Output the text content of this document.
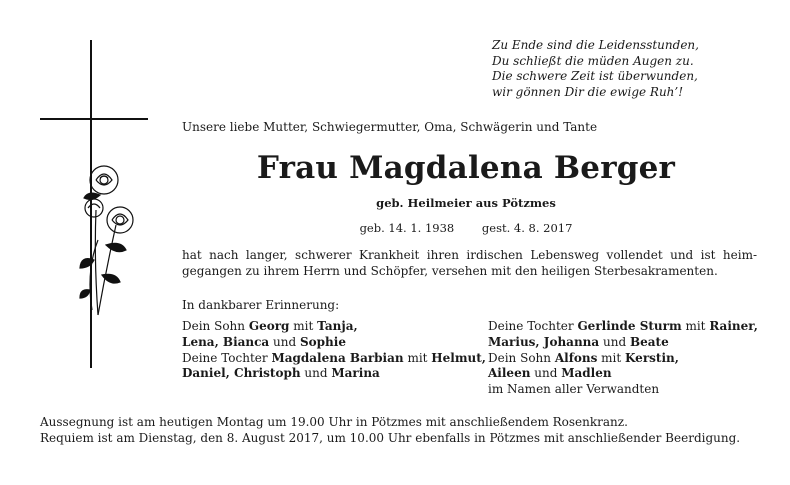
Zu Ende sind die Leidensstunden,
Du schließt die müden Augen zu.
Die schwere Zeit ist überwunden,
wir gönnen Dir die ewige Ruh’!
Unsere liebe Mutter, Schwiegermutter, Oma, Schwägerin und Tante
Frau Magdalena Berger
geb. Heilmeier aus Pötzmes
geb. 14. 1. 1938 gest. 4. 8. 2017
hat nach langer, schwerer Krankheit ihren irdischen Lebensweg vollendet und ist heim-gegangen zu ihrem Herrn und Schöpfer, versehen mit den heiligen Sterbesakramenten.
In dankbarer Erinnerung:
Dein Sohn Georg mit Tanja,
Lena, Bianca und Sophie
Deine Tochter Magdalena Barbian mit Helmut,
Daniel, Christoph und Marina
Deine Tochter Gerlinde Sturm mit Rainer,
Marius, Johanna und Beate
Dein Sohn Alfons mit Kerstin,
Aileen und Madlen
im Namen aller Verwandten
Aussegnung ist am heutigen Montag um 19.00 Uhr in Pötzmes mit anschließendem Rosenkranz.
Requiem ist am Dienstag, den 8. August 2017, um 10.00 Uhr ebenfalls in Pötzmes mit anschließender Beerdigung.
